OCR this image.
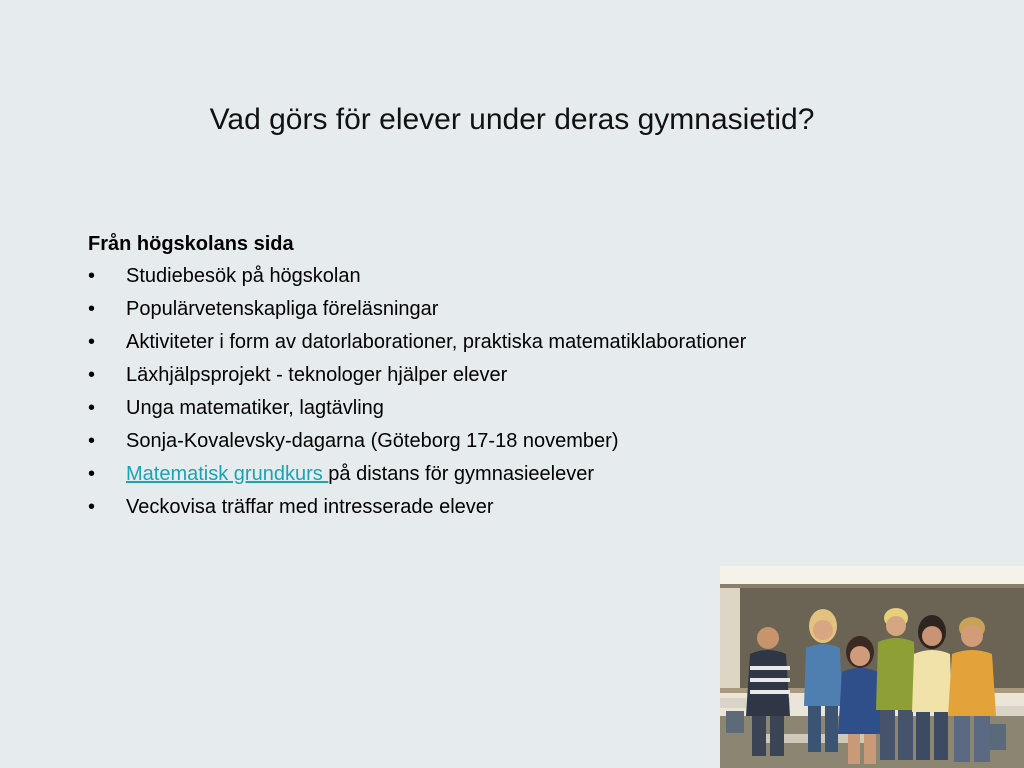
Vad görs för elever under deras gymnasietid?
Från högskolans sida
• Studiebesök på högskolan
• Populärvetenskapliga föreläsningar
• Aktiviteter i form av datorlaborationer, praktiska matematiklaborationer
• Läxhjälpsprojekt - teknologer hjälper elever
• Unga matematiker, lagtävling
• Sonja-Kovalevsky-dagarna (Göteborg 17-18 november)
• Matematisk grundkurs på distans för gymnasieelever
• Veckovisa träffar med intresserade elever
